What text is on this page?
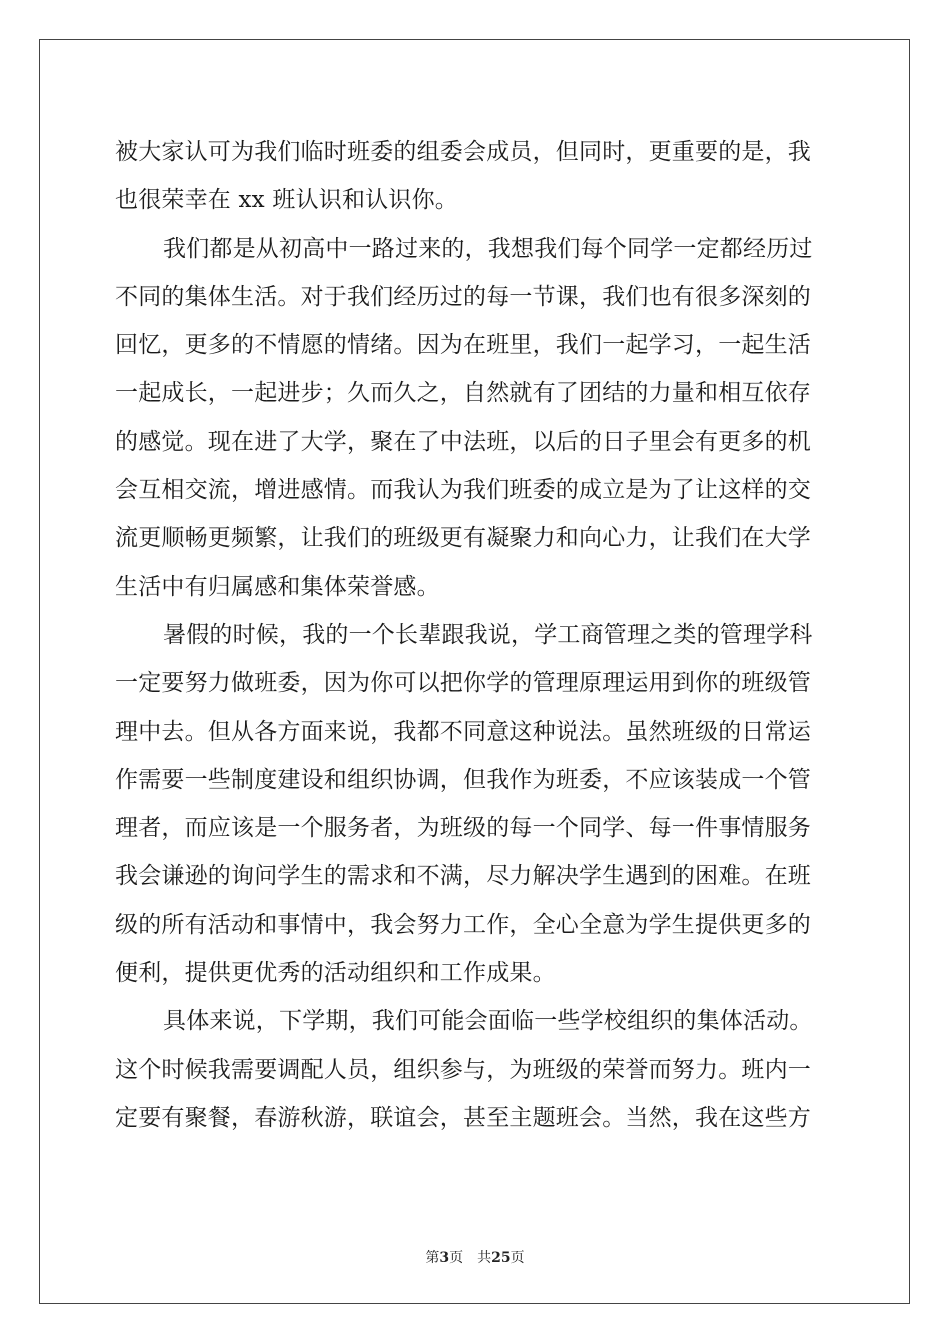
被大家认可为我们临时班委的组委会成员，但同时，更重要的是，我
也很荣幸在 xx 班认识和认识你。
我们都是从初高中一路过来的，我想我们每个同学一定都经历过
不同的集体生活。对于我们经历过的每一节课，我们也有很多深刻的
回忆，更多的不情愿的情绪。因为在班里，我们一起学习，一起生活
一起成长，一起进步；久而久之，自然就有了团结的力量和相互依存
的感觉。现在进了大学，聚在了中法班，以后的日子里会有更多的机
会互相交流，增进感情。而我认为我们班委的成立是为了让这样的交
流更顺畅更频繁，让我们的班级更有凝聚力和向心力，让我们在大学
生活中有归属感和集体荣誉感。
暑假的时候，我的一个长辈跟我说，学工商管理之类的管理学科
一定要努力做班委，因为你可以把你学的管理原理运用到你的班级管
理中去。但从各方面来说，我都不同意这种说法。虽然班级的日常运
作需要一些制度建设和组织协调，但我作为班委，不应该装成一个管
理者，而应该是一个服务者，为班级的每一个同学、每一件事情服务
我会谦逊的询问学生的需求和不满，尽力解决学生遇到的困难。在班
级的所有活动和事情中，我会努力工作，全心全意为学生提供更多的
便利，提供更优秀的活动组织和工作成果。
具体来说，下学期，我们可能会面临一些学校组织的集体活动。
这个时候我需要调配人员，组织参与，为班级的荣誉而努力。班内一
定要有聚餐，春游秋游，联谊会，甚至主题班会。当然，我在这些方
第3页 共25页
